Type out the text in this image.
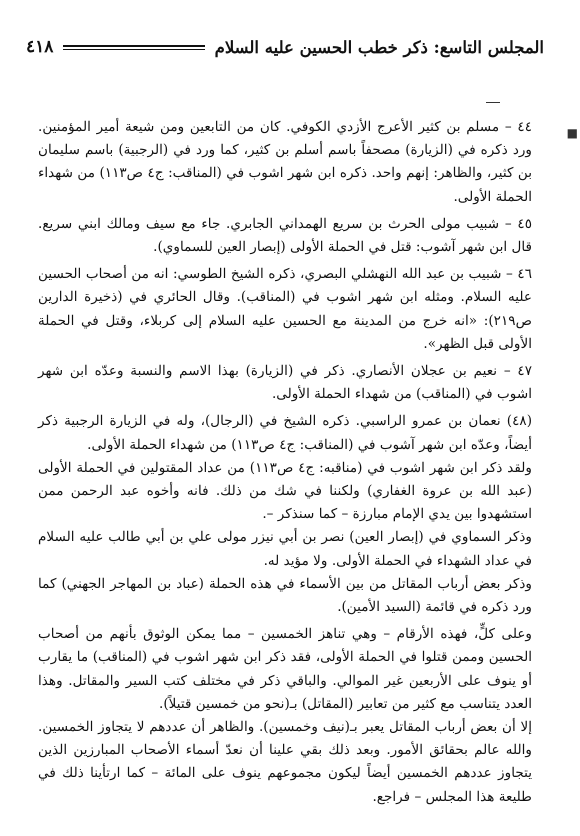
المجلس التاسع: ذكر خطب الحسين عليه السلام
٤١٨
■

٤٤ – مسلم بن كثير الأعرج الأزدي الكوفي. كان من التابعين ومن شيعة أمير المؤمنين. ورد ذكره في (الزيارة) مصحفاً باسم أسلم بن كثير، كما ورد في (الرجبية) باسم سليمان بن كثير، والظاهر: إنهم واحد. ذكره ابن شهر اشوب في (المناقب: ج٤ ص١١٣) من شهداء الحملة الأولى.

٤٥ – شبيب مولى الحرث بن سريع الهمداني الجابري. جاء مع سيف ومالك ابني سريع. قال ابن شهر آشوب: قتل في الحملة الأولى (إبصار العين للسماوي).

٤٦ – شبيب بن عبد الله النهشلي البصري، ذكره الشيخ الطوسي: انه من أصحاب الحسين عليه السلام. ومثله ابن شهر اشوب في (المناقب). وقال الحائري في (ذخيرة الدارين ص٢١٩): «انه خرج من المدينة مع الحسين عليه السلام إلى كربلاء، وقتل في الحملة الأولى قبل الظهر».

٤٧ – نعيم بن عجلان الأنصاري. ذكر في (الزيارة) بهذا الاسم والنسبة وعدّه ابن شهر اشوب في (المناقب) من شهداء الحملة الأولى.

(٤٨) نعمان بن عمرو الراسبي. ذكره الشيخ في (الرجال)، وله في الزيارة الرجبية ذكر أيضاً، وعدّه ابن شهر آشوب في (المناقب: ج٤ ص١١٣) من شهداء الحملة الأولى.

ولقد ذكر ابن شهر اشوب في (مناقبه: ج٤ ص١١٣) من عداد المقتولين في الحملة الأولى (عبد الله بن عروة الغفاري) ولكننا في شك من ذلك. فانه وأخوه عبد الرحمن ممن استشهدوا بين يدي الإمام مبارزة – كما سنذكر –.

وذكر السماوي في (إبصار العين) نصر بن أبي نيزر مولى علي بن أبي طالب عليه السلام في عداد الشهداء في الحملة الأولى. ولا مؤيد له.

وذكر بعض أرباب المقاتل من بين الأسماء في هذه الحملة (عباد بن المهاجر الجهني) كما ورد ذكره في قائمة (السيد الأمين).

وعلى كلٍّ، فهذه الأرقام – وهي تناهز الخمسين – مما يمكن الوثوق بأنهم من أصحاب الحسين وممن قتلوا في الحملة الأولى، فقد ذكر ابن شهر اشوب في (المناقب) ما يقارب أو ينوف على الأربعين غير الموالي. والباقي ذكر في مختلف كتب السير والمقاتل. وهذا العدد يتناسب مع كثير من تعابير (المقاتل) بـ(نحو من خمسين قتيلاً).

إلا أن بعض أرباب المقاتل يعبر بـ(نيف وخمسين). والظاهر أن عددهم لا يتجاوز الخمسين. والله عالم بحقائق الأمور. وبعد ذلك بقي علينا أن نعدّ أسماء الأصحاب المبارزين الذين يتجاوز عددهم الخمسين أيضاً ليكون مجموعهم ينوف على المائة – كما ارتأينا ذلك في طليعة هذا المجلس – فراجع.
